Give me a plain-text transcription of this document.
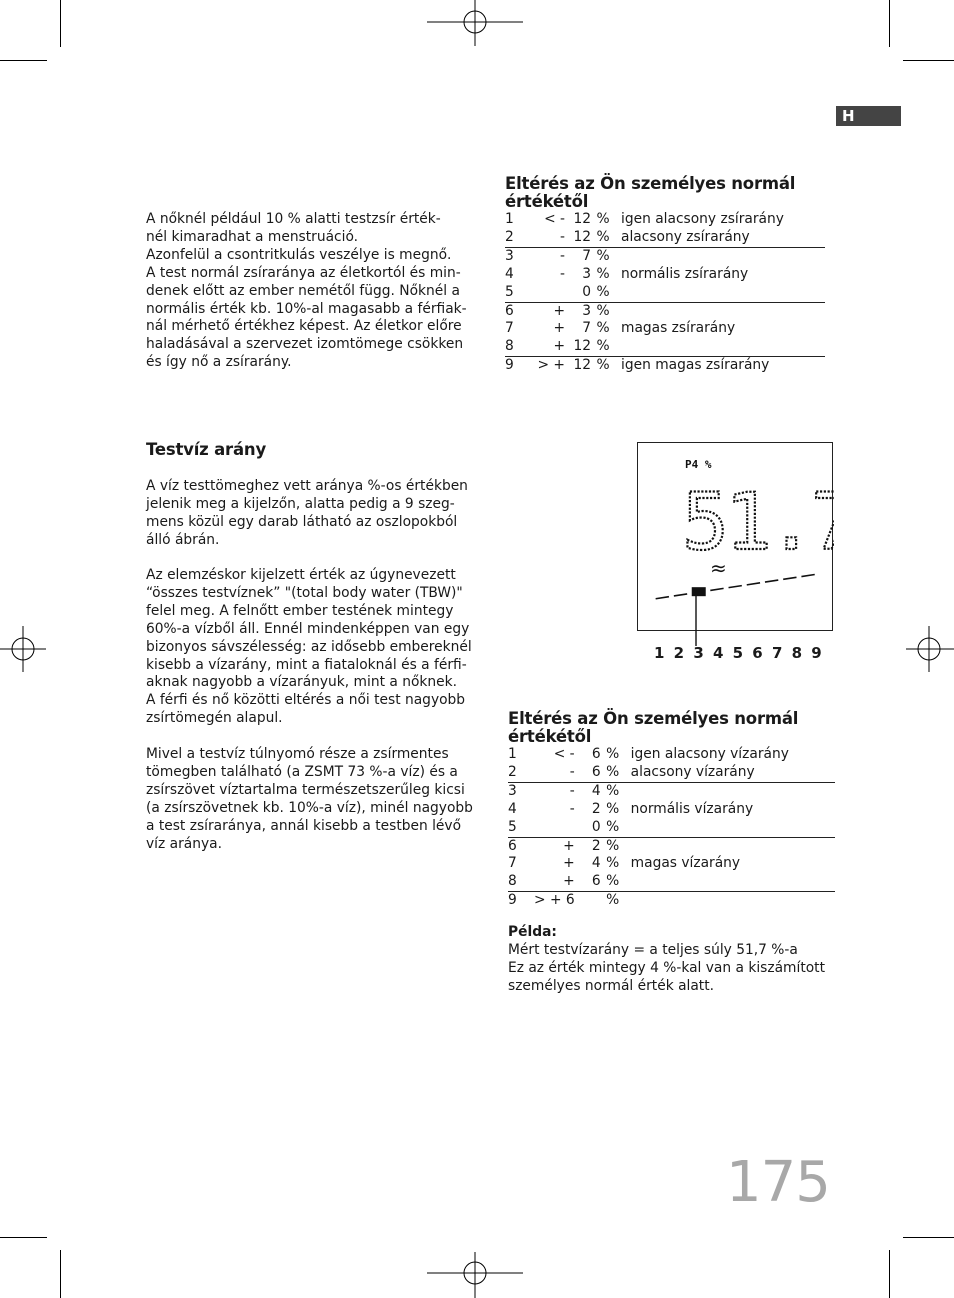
H

A nőknél például 10 % alatti testzsír érték-

nél kimaradhat a menstruáció.

Azonfelül a csontritkulás veszélye is megnő.

A test normál zsíraránya az életkortól és min-

denek előtt az ember nemétől függ. Nőknél a

normális érték kb. 10%-al magasabb a férfiak-

nál mérhető értékhez képest. Az életkor előre

haladásával a szervezet izomtömege csökken

és így nő a zsírarány.

Testvíz arány

A víz testtömeghez vett aránya %-os értékben

jelenik meg a kijelzőn, alatta pedig a 9 szeg-

mens közül egy darab látható az oszlopokból

álló ábrán.

Az elemzéskor kijelzett érték az úgynevezett

“összes testvíznek” "(total body water (TBW)"

felel meg. A felnőtt ember testének mintegy

60%-a vízből áll. Ennél mindenképpen van egy

bizonyos sávszélesség: az idősebb embereknél

kisebb a vízarány, mint a fiataloknál és a férfi-

aknak nagyobb a vízarányuk, mint a nőknek.

A férfi és nő közötti eltérés a női test nagyobb

zsírtömegén alapul.

Mivel a testvíz túlnyomó része a zsírmentes

tömegben található (a ZSMT 73 %-a víz) és a

zsírszövet víztartalma természetszerűleg kicsi

(a zsírszövetnek kb. 10%-a víz), minél nagyobb

a test zsíraránya, annál kisebb a testben lévő

víz aránya.

Eltérés az Ön személyes normál
értékétől
1	< -	12	%	igen alacsony zsírarány
2	-	12	%	alacsony zsírarány
3	-	7	%	
4	-	3	%	normális zsírarány
5		0	%	
6	+	3	%	
7	+	7	%	magas zsírarány
8	+	12	%	
9	> +	12	%	igen magas zsírarány
P4 %
51.
≈
1 2 3 4 5 6 7 8 9
Eltérés az Ön személyes normál
értékétől
1	< -	6	%	igen alacsony vízarány
2	-	6	%	alacsony vízarány
3	-	4	%	
4	-	2	%	normális vízarány
5		0	%	
6	+	2	%	
7	+	4	%	magas vízarány
8	+	6	%	
9	> + 6		%	

Példa:

Mért testvízarány = a teljes súly 51,7 %-a

Ez az érték mintegy 4 %-kal van a kiszámított

személyes normál érték alatt.

175
